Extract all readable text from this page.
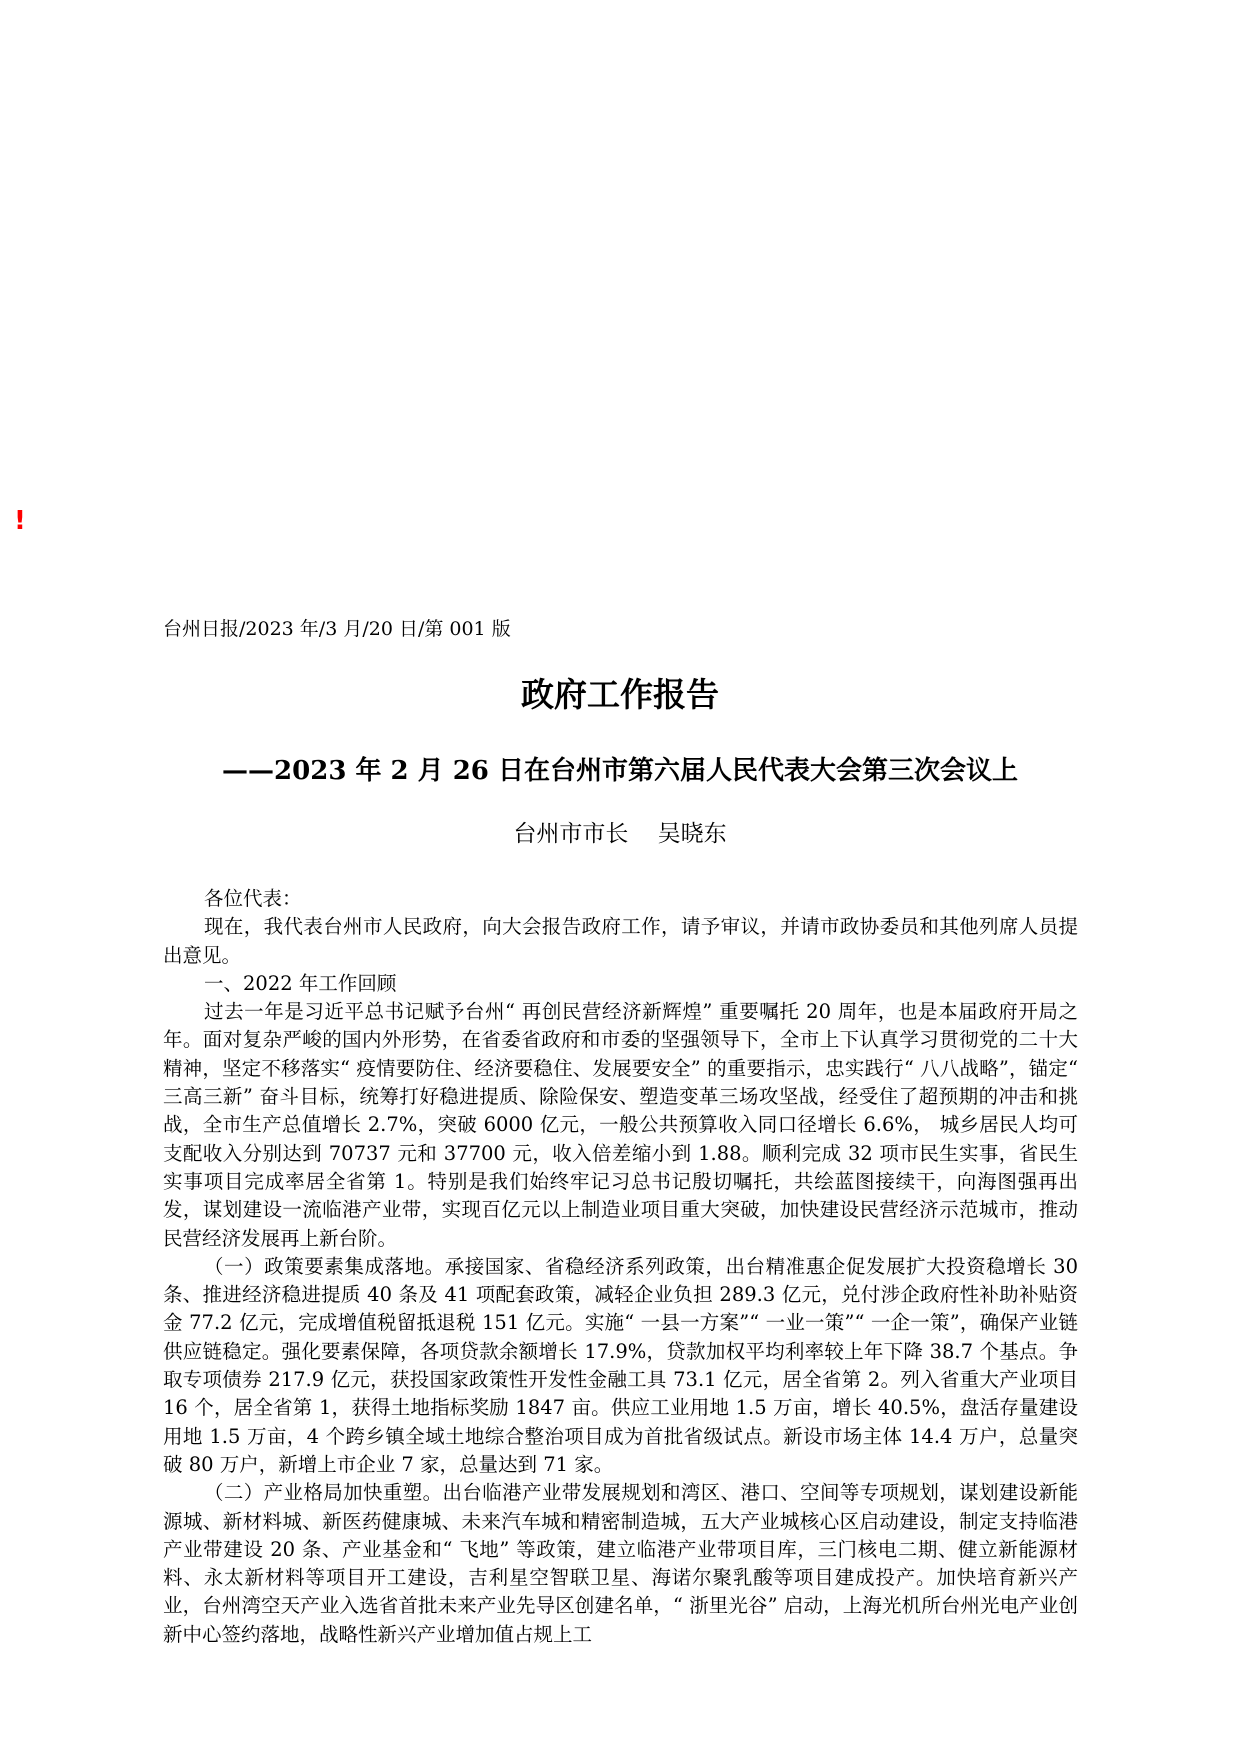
!
台州日报/2023 年/3 月/20 日/第 001 版
政府工作报告
——2023 年 2 月 26 日在台州市第六届人民代表大会第三次会议上
台州市市长    吴晓东

各位代表：

现在，我代表台州市人民政府，向大会报告政府工作，请予审议，并请市政协委员和其他列席人员提出意见。

一、2022 年工作回顾

过去一年是习近平总书记赋予台州“ 再创民营经济新辉煌” 重要嘱托 20 周年，也是本届政府开局之年。面对复杂严峻的国内外形势，在省委省政府和市委的坚强领导下，全市上下认真学习贯彻党的二十大精神，坚定不移落实“ 疫情要防住、经济要稳住、发展要安全” 的重要指示，忠实践行“ 八八战略”，锚定“ 三高三新” 奋斗目标，统筹打好稳进提质、除险保安、塑造变革三场攻坚战，经受住了超预期的冲击和挑战，全市生产总值增长 2.7%，突破 6000 亿元，一般公共预算收入同口径增长 6.6%， 城乡居民人均可支配收入分别达到 70737 元和 37700 元，收入倍差缩小到 1.88。顺利完成 32 项市民生实事，省民生实事项目完成率居全省第 1。特别是我们始终牢记习总书记殷切嘱托，共绘蓝图接续干，向海图强再出发，谋划建设一流临港产业带，实现百亿元以上制造业项目重大突破，加快建设民营经济示范城市，推动民营经济发展再上新台阶。

（一）政策要素集成落地。承接国家、省稳经济系列政策，出台精准惠企促发展扩大投资稳增长 30 条、推进经济稳进提质 40 条及 41 项配套政策，减轻企业负担 289.3 亿元，兑付涉企政府性补助补贴资金 77.2 亿元，完成增值税留抵退税 151 亿元。实施“ 一县一方案”“ 一业一策”“ 一企一策”，确保产业链供应链稳定。强化要素保障，各项贷款余额增长 17.9%，贷款加权平均利率较上年下降 38.7 个基点。争取专项债券 217.9 亿元，获投国家政策性开发性金融工具 73.1 亿元，居全省第 2。列入省重大产业项目 16 个，居全省第 1，获得土地指标奖励 1847 亩。供应工业用地 1.5 万亩，增长 40.5%，盘活存量建设用地 1.5 万亩，4 个跨乡镇全域土地综合整治项目成为首批省级试点。新设市场主体 14.4 万户，总量突破 80 万户，新增上市企业 7 家，总量达到 71 家。

（二）产业格局加快重塑。出台临港产业带发展规划和湾区、港口、空间等专项规划，谋划建设新能源城、新材料城、新医药健康城、未来汽车城和精密制造城，五大产业城核心区启动建设，制定支持临港产业带建设 20 条、产业基金和“ 飞地” 等政策，建立临港产业带项目库，三门核电二期、健立新能源材料、永太新材料等项目开工建设，吉利星空智联卫星、海诺尔聚乳酸等项目建成投产。加快培育新兴产业，台州湾空天产业入选省首批未来产业先导区创建名单，“ 浙里光谷” 启动，上海光机所台州光电产业创新中心签约落地，战略性新兴产业增加值占规上工
